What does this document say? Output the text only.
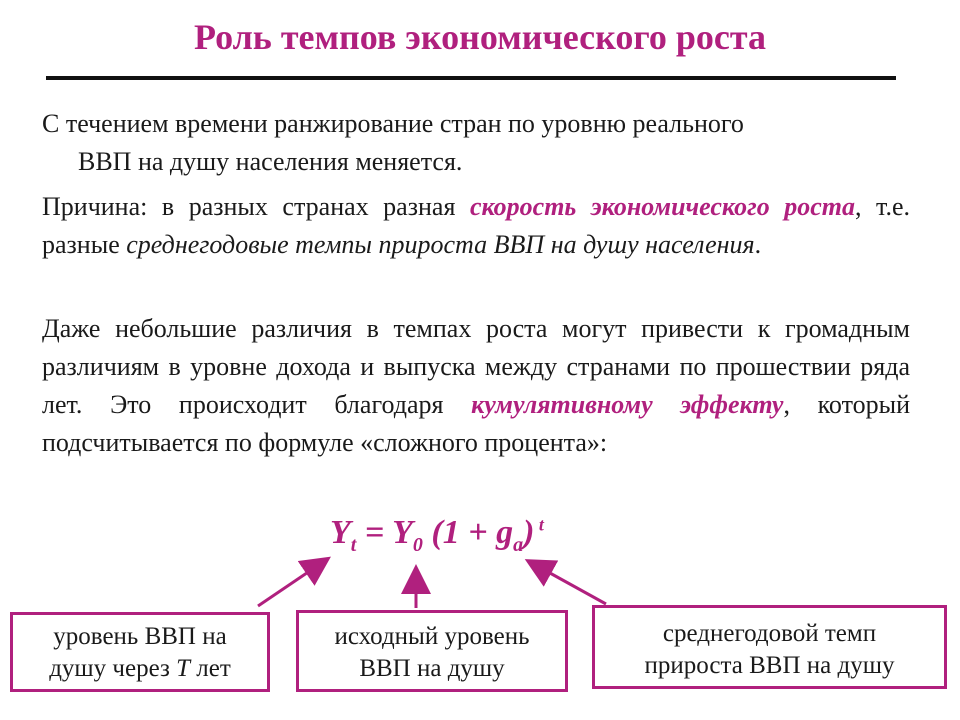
Роль темпов экономического роста
С течением времени ранжирование стран по уровню реального

ВВП на душу населения меняется.
Причина: в разных странах разная скорость экономического роста, т.е. разные среднегодовые темпы прироста ВВП на душу населения.
Даже небольшие различия в темпах роста могут привести к громадным различиям в уровне дохода и выпуска между странами по прошествии ряда лет. Это происходит благодаря кумулятивному эффекту, который подсчитывается по формуле «сложного процента»:
$Y_t = Y_0$ $(1 + g_a)$ $^t$
уровень ВВП на
душу через T лет
исходный уровень
ВВП на душу
среднегодовой темп
прироста ВВП на душу
